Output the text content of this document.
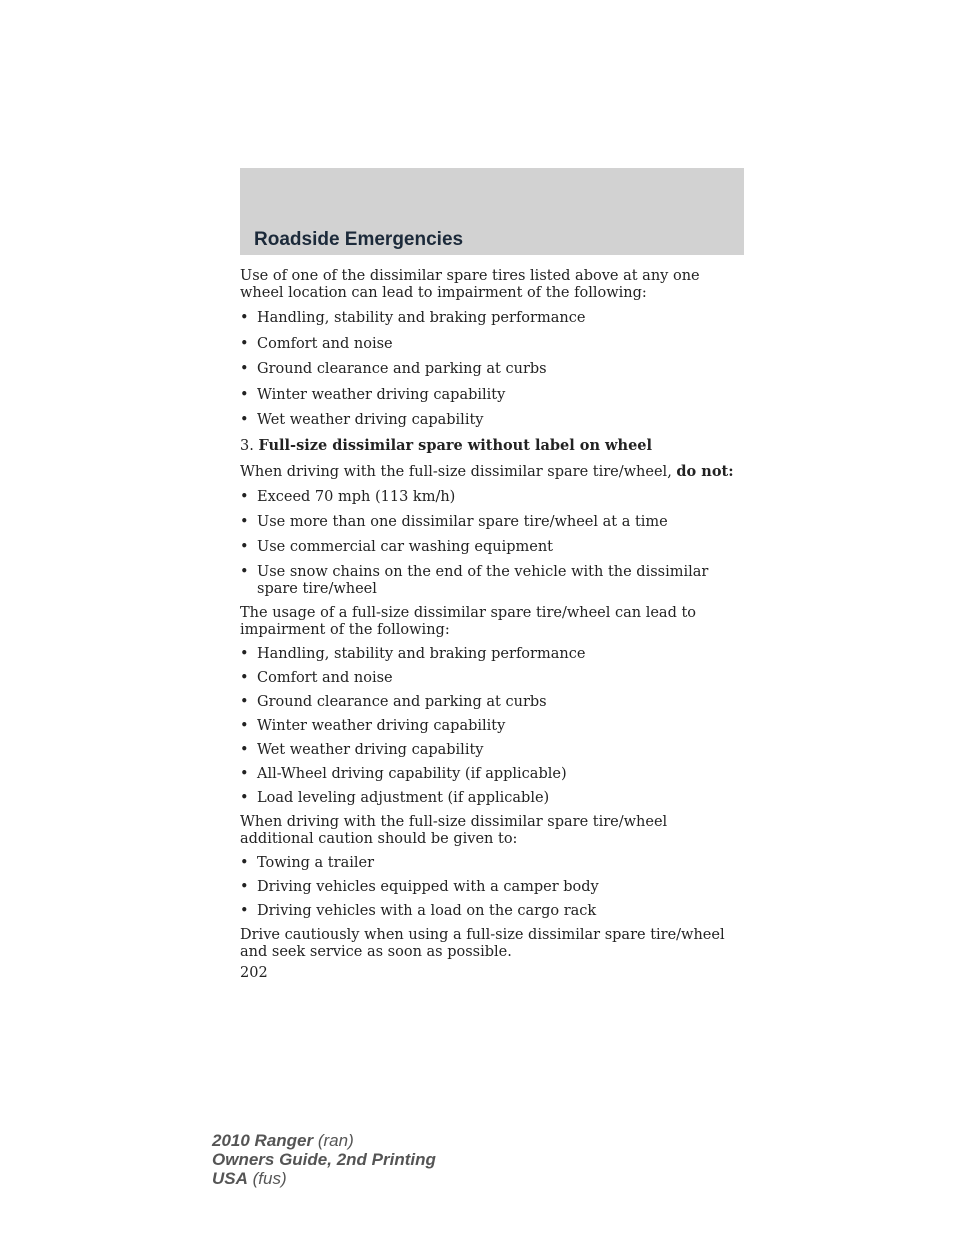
Roadside Emergencies

Use of one of the dissimilar spare tires listed above at any one wheel location can lead to impairment of the following:

• Handling, stability and braking performance
• Comfort and noise
• Ground clearance and parking at curbs
• Winter weather driving capability
• Wet weather driving capability

3. Full-size dissimilar spare without label on wheel

When driving with the full-size dissimilar spare tire/wheel, do not:

• Exceed 70 mph (113 km/h)
• Use more than one dissimilar spare tire/wheel at a time
• Use commercial car washing equipment
• Use snow chains on the end of the vehicle with the dissimilar spare tire/wheel

The usage of a full-size dissimilar spare tire/wheel can lead to impairment of the following:

• Handling, stability and braking performance
• Comfort and noise
• Ground clearance and parking at curbs
• Winter weather driving capability
• Wet weather driving capability
• All-Wheel driving capability (if applicable)
• Load leveling adjustment (if applicable)

When driving with the full-size dissimilar spare tire/wheel additional caution should be given to:

• Towing a trailer
• Driving vehicles equipped with a camper body
• Driving vehicles with a load on the cargo rack

Drive cautiously when using a full-size dissimilar spare tire/wheel and seek service as soon as possible.

202

2010 Ranger (ran)
Owners Guide, 2nd Printing
USA (fus)
